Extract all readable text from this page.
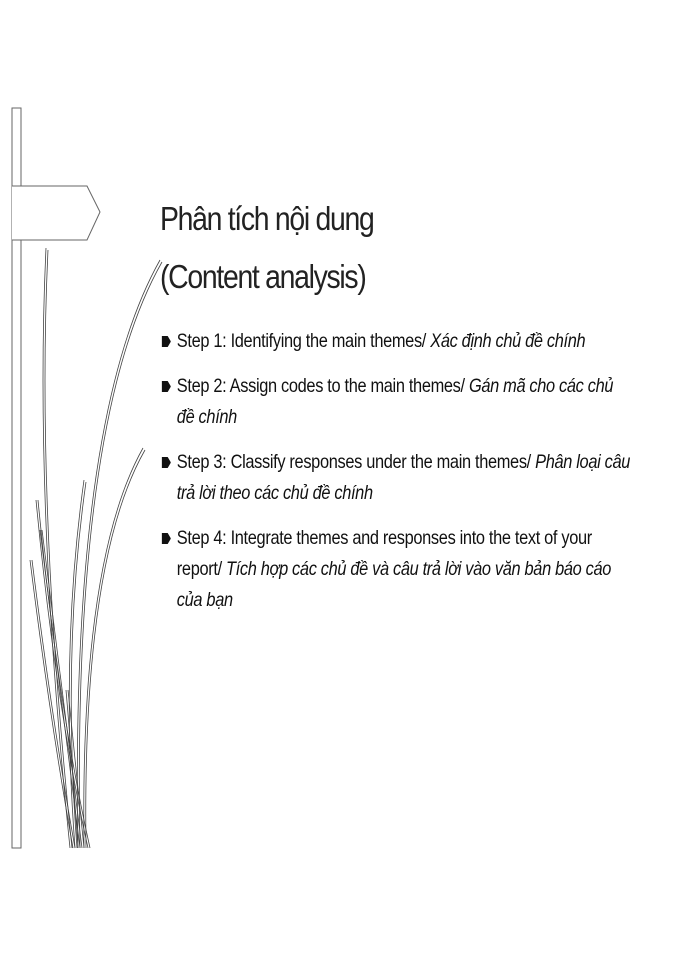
Phân tích nội dung
(Content analysis)
Step 1: Identifying the main themes/ Xác định chủ đề chính
Step 2: Assign codes to the main themes/ Gán mã cho các chủ đề chính
Step 3: Classify responses under the main themes/ Phân loại câu trả lời theo các chủ đề chính
Step 4: Integrate themes and responses into the text of your report/ Tích hợp các chủ đề và câu trả lời vào văn bản báo cáo của bạn
